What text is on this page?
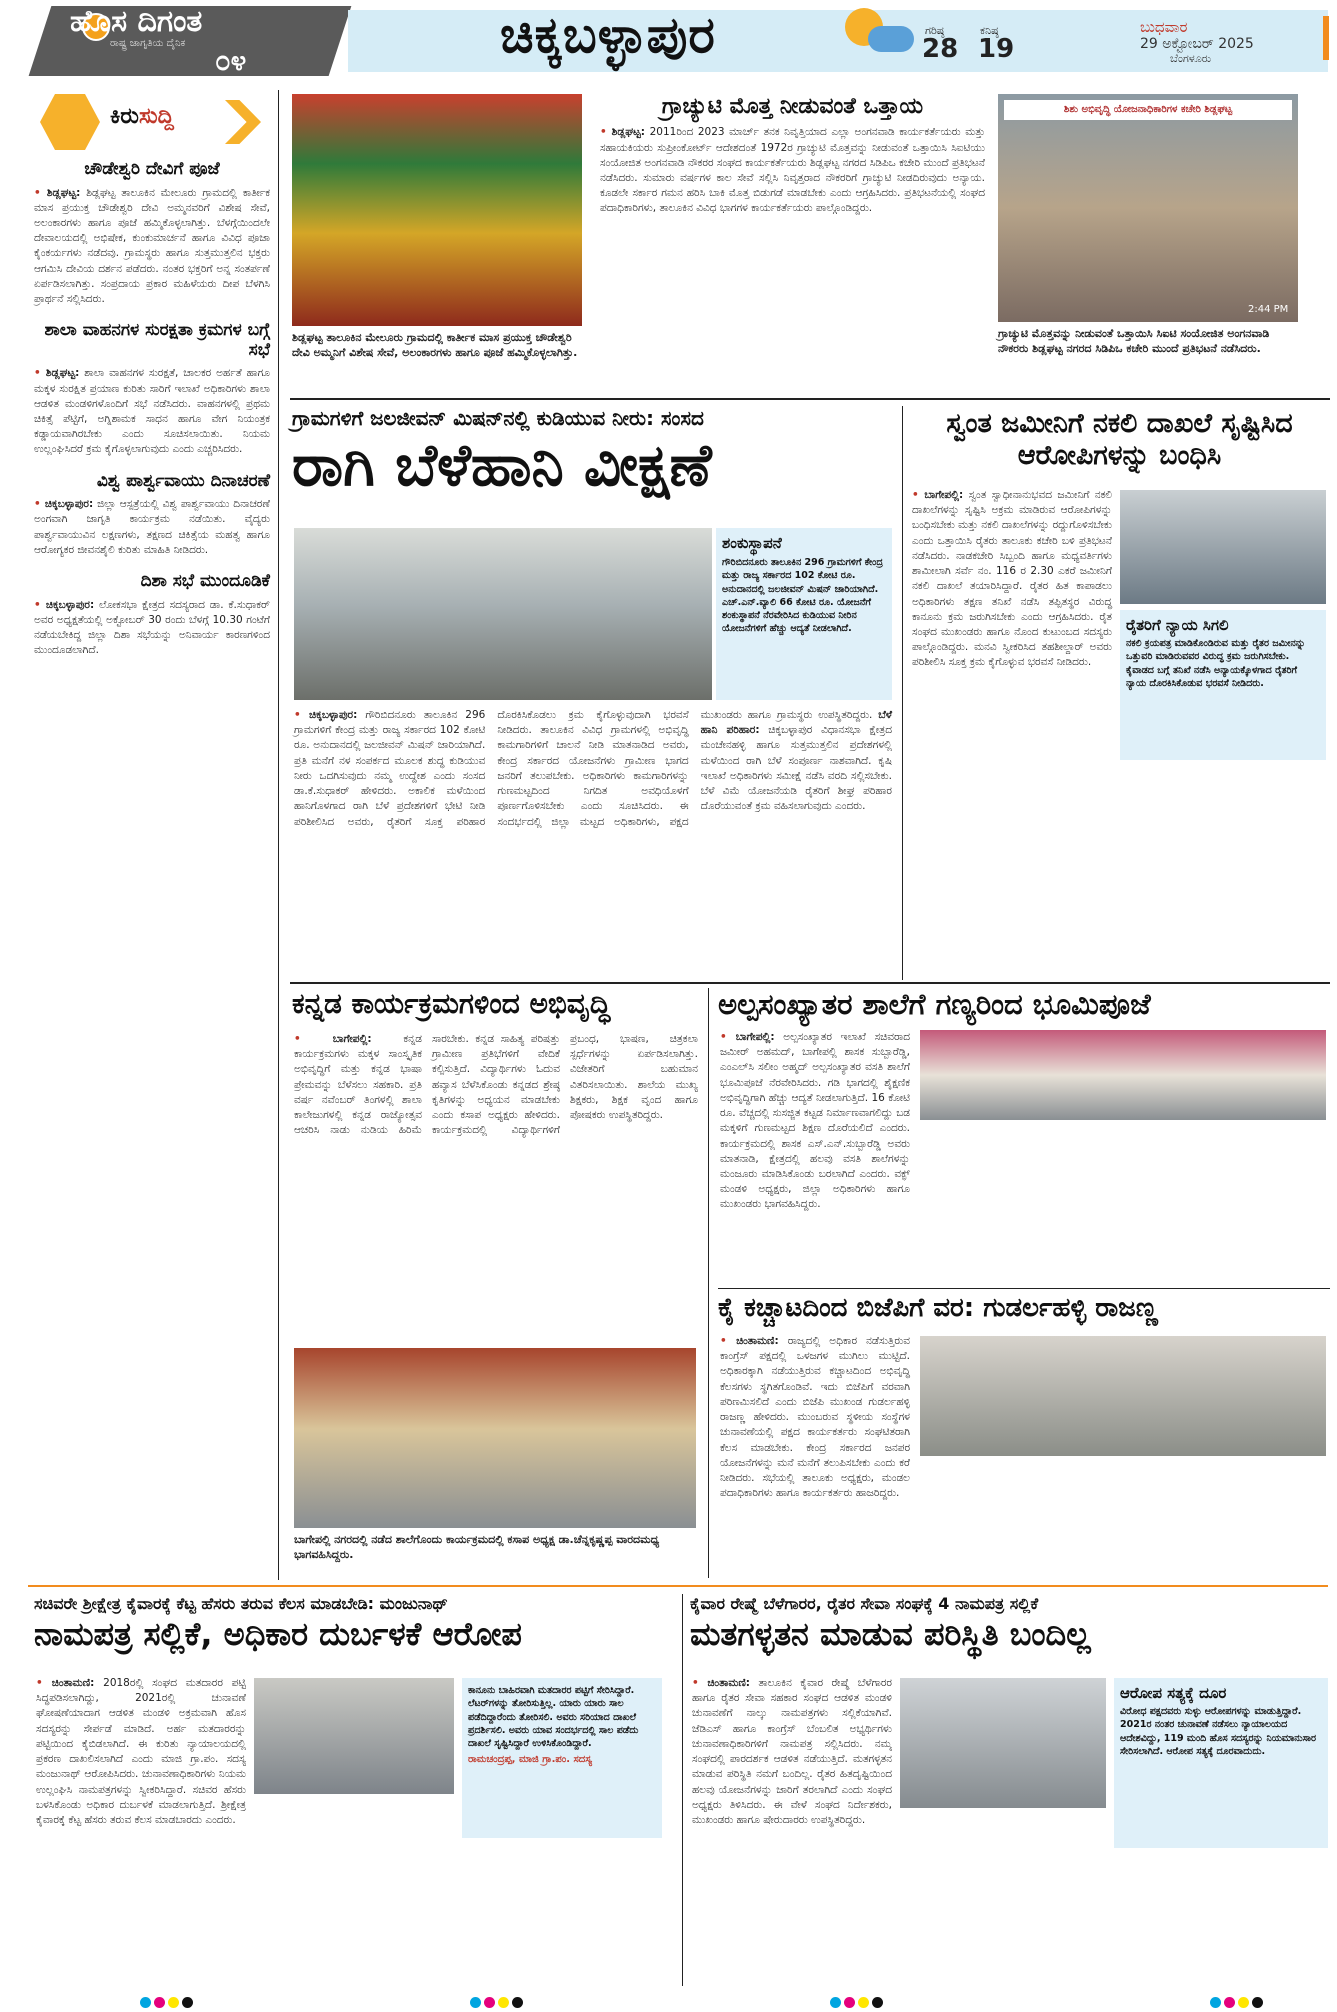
ಹೊಸ ದಿಗಂತ
ರಾಷ್ಟ್ರ ಜಾಗೃತಿಯ ದೈನಿಕ
೦೪	ಚಿಕ್ಕಬಳ್ಳಾಪುರ	ಗರಿಷ್ಠ
28
ಕನಿಷ್ಠ
19
ಬುಧವಾರ
29 ಅಕ್ಟೋಬರ್ 2025
ಬೆಂಗಳೂರು
ಕಿರುಸುದ್ದಿ
ಚೌಡೇಶ್ವರಿ ದೇವಿಗೆ ಪೂಜೆ
• ಶಿಡ್ಲಘಟ್ಟ: ಶಿಡ್ಲಘಟ್ಟ ತಾಲೂಕಿನ ಮೇಲೂರು ಗ್ರಾಮದಲ್ಲಿ ಕಾರ್ತೀಕ ಮಾಸ ಪ್ರಯುಕ್ತ ಚೌಡೇಶ್ವರಿ ದೇವಿ ಅಮ್ಮನವರಿಗೆ ವಿಶೇಷ ಸೇವೆ, ಅಲಂಕಾರಗಳು ಹಾಗೂ ಪೂಜೆ ಹಮ್ಮಿಕೊಳ್ಳಲಾಗಿತ್ತು. ಬೆಳಗ್ಗೆಯಿಂದಲೇ ದೇವಾಲಯದಲ್ಲಿ ಅಭಿಷೇಕ, ಕುಂಕುಮಾರ್ಚನೆ ಹಾಗೂ ವಿವಿಧ ಪೂಜಾ ಕೈಂಕರ್ಯಗಳು ನಡೆದವು. ಗ್ರಾಮಸ್ಥರು ಹಾಗೂ ಸುತ್ತಮುತ್ತಲಿನ ಭಕ್ತರು ಆಗಮಿಸಿ ದೇವಿಯ ದರ್ಶನ ಪಡೆದರು. ನಂತರ ಭಕ್ತರಿಗೆ ಅನ್ನ ಸಂತರ್ಪಣೆ ಏರ್ಪಡಿಸಲಾಗಿತ್ತು. ಸಂಪ್ರದಾಯ ಪ್ರಕಾರ ಮಹಿಳೆಯರು ದೀಪ ಬೆಳಗಿಸಿ ಪ್ರಾರ್ಥನೆ ಸಲ್ಲಿಸಿದರು.
ಶಾಲಾ ವಾಹನಗಳ ಸುರಕ್ಷತಾ ಕ್ರಮಗಳ ಬಗ್ಗೆ ಸಭೆ
• ಶಿಡ್ಲಘಟ್ಟ: ಶಾಲಾ ವಾಹನಗಳ ಸುರಕ್ಷತೆ, ಚಾಲಕರ ಅರ್ಹತೆ ಹಾಗೂ ಮಕ್ಕಳ ಸುರಕ್ಷಿತ ಪ್ರಯಾಣ ಕುರಿತು ಸಾರಿಗೆ ಇಲಾಖೆ ಅಧಿಕಾರಿಗಳು ಶಾಲಾ ಆಡಳಿತ ಮಂಡಳಿಗಳೊಂದಿಗೆ ಸಭೆ ನಡೆಸಿದರು. ವಾಹನಗಳಲ್ಲಿ ಪ್ರಥಮ ಚಿಕಿತ್ಸೆ ಪೆಟ್ಟಿಗೆ, ಅಗ್ನಿಶಾಮಕ ಸಾಧನ ಹಾಗೂ ವೇಗ ನಿಯಂತ್ರಕ ಕಡ್ಡಾಯವಾಗಿರಬೇಕು ಎಂದು ಸೂಚಿಸಲಾಯಿತು. ನಿಯಮ ಉಲ್ಲಂಘಿಸಿದರೆ ಕ್ರಮ ಕೈಗೊಳ್ಳಲಾಗುವುದು ಎಂದು ಎಚ್ಚರಿಸಿದರು.
ವಿಶ್ವ ಪಾರ್ಶ್ವವಾಯು ದಿನಾಚರಣೆ
• ಚಿಕ್ಕಬಳ್ಳಾಪುರ: ಜಿಲ್ಲಾ ಆಸ್ಪತ್ರೆಯಲ್ಲಿ ವಿಶ್ವ ಪಾರ್ಶ್ವವಾಯು ದಿನಾಚರಣೆ ಅಂಗವಾಗಿ ಜಾಗೃತಿ ಕಾರ್ಯಕ್ರಮ ನಡೆಯಿತು. ವೈದ್ಯರು ಪಾರ್ಶ್ವವಾಯುವಿನ ಲಕ್ಷಣಗಳು, ತಕ್ಷಣದ ಚಿಕಿತ್ಸೆಯ ಮಹತ್ವ ಹಾಗೂ ಆರೋಗ್ಯಕರ ಜೀವನಶೈಲಿ ಕುರಿತು ಮಾಹಿತಿ ನೀಡಿದರು.
ದಿಶಾ ಸಭೆ ಮುಂದೂಡಿಕೆ
• ಚಿಕ್ಕಬಳ್ಳಾಪುರ: ಲೋಕಸಭಾ ಕ್ಷೇತ್ರದ ಸದಸ್ಯರಾದ ಡಾ. ಕೆ.ಸುಧಾಕರ್ ಅವರ ಅಧ್ಯಕ್ಷತೆಯಲ್ಲಿ ಅಕ್ಟೋಬರ್ 30 ರಂದು ಬೆಳಗ್ಗೆ 10.30 ಗಂಟೆಗೆ ನಡೆಯಬೇಕಿದ್ದ ಜಿಲ್ಲಾ ದಿಶಾ ಸಭೆಯನ್ನು ಅನಿವಾರ್ಯ ಕಾರಣಗಳಿಂದ ಮುಂದೂಡಲಾಗಿದೆ.
ಶಿಡ್ಲಘಟ್ಟ ತಾಲೂಕಿನ ಮೇಲೂರು ಗ್ರಾಮದಲ್ಲಿ ಕಾರ್ತೀಕ ಮಾಸ ಪ್ರಯುಕ್ತ ಚೌಡೇಶ್ವರಿ ದೇವಿ ಅಮ್ಮನಿಗೆ ವಿಶೇಷ ಸೇವೆ, ಅಲಂಕಾರಗಳು ಹಾಗೂ ಪೂಜೆ ಹಮ್ಮಿಕೊಳ್ಳಲಾಗಿತ್ತು.
ಗ್ರಾಚ್ಯುಟಿ ಮೊತ್ತ ನೀಡುವಂತೆ ಒತ್ತಾಯ
• ಶಿಡ್ಲಘಟ್ಟ: 2011ರಿಂದ 2023 ಮಾರ್ಚ್ ತನಕ ನಿವೃತ್ತಿಯಾದ ಎಲ್ಲಾ ಅಂಗನವಾಡಿ ಕಾರ್ಯಕರ್ತೆಯರು ಮತ್ತು ಸಹಾಯಕಿಯರು ಸುಪ್ರೀಂಕೋರ್ಟ್ ಆದೇಶದಂತೆ 1972ರ ಗ್ರಾಚ್ಯುಟಿ ಮೊತ್ತವನ್ನು ನೀಡುವಂತೆ ಒತ್ತಾಯಿಸಿ ಸಿಐಟಿಯು ಸಂಯೋಜಿತ ಅಂಗನವಾಡಿ ನೌಕರರ ಸಂಘದ ಕಾರ್ಯಕರ್ತೆಯರು ಶಿಡ್ಲಘಟ್ಟ ನಗರದ ಸಿಡಿಪಿಒ ಕಚೇರಿ ಮುಂದೆ ಪ್ರತಿಭಟನೆ ನಡೆಸಿದರು. ಸುಮಾರು ವರ್ಷಗಳ ಕಾಲ ಸೇವೆ ಸಲ್ಲಿಸಿ ನಿವೃತ್ತರಾದ ನೌಕರರಿಗೆ ಗ್ರಾಚ್ಯುಟಿ ನೀಡದಿರುವುದು ಅನ್ಯಾಯ. ಕೂಡಲೇ ಸರ್ಕಾರ ಗಮನ ಹರಿಸಿ ಬಾಕಿ ಮೊತ್ತ ಬಿಡುಗಡೆ ಮಾಡಬೇಕು ಎಂದು ಆಗ್ರಹಿಸಿದರು. ಪ್ರತಿಭಟನೆಯಲ್ಲಿ ಸಂಘದ ಪದಾಧಿಕಾರಿಗಳು, ತಾಲೂಕಿನ ವಿವಿಧ ಭಾಗಗಳ ಕಾರ್ಯಕರ್ತೆಯರು ಪಾಲ್ಗೊಂಡಿದ್ದರು.
ಶಿಶು ಅಭಿವೃದ್ಧಿ ಯೋಜನಾಧಿಕಾರಿಗಳ ಕಚೇರಿ ಶಿಡ್ಲಘಟ್ಟ
2:44 PM
ಗ್ರಾಚ್ಯುಟಿ ಮೊತ್ತವನ್ನು ನೀಡುವಂತೆ ಒತ್ತಾಯಿಸಿ ಸಿಐಟಿ ಸಂಯೋಜಿತ ಅಂಗನವಾಡಿ ನೌಕರರು ಶಿಡ್ಲಘಟ್ಟ ನಗರದ ಸಿಡಿಪಿಒ ಕಚೇರಿ ಮುಂದೆ ಪ್ರತಿಭಟನೆ ನಡೆಸಿದರು.
ಗ್ರಾಮಗಳಿಗೆ ಜಲಜೀವನ್ ಮಿಷನ್‌ನಲ್ಲಿ ಕುಡಿಯುವ ನೀರು: ಸಂಸದ
ರಾಗಿ ಬೆಳೆಹಾನಿ ವೀಕ್ಷಣೆ
ಶಂಕುಸ್ಥಾಪನೆ
ಗೌರಿಬಿದನೂರು ತಾಲೂಕಿನ 296 ಗ್ರಾಮಗಳಿಗೆ ಕೇಂದ್ರ ಮತ್ತು ರಾಜ್ಯ ಸರ್ಕಾರದ 102 ಕೋಟಿ ರೂ. ಅನುದಾನದಲ್ಲಿ ಜಲಜೀವನ್ ಮಿಷನ್ ಜಾರಿಯಾಗಿದೆ. ಎಚ್.ಎನ್.ವ್ಯಾಲಿ 66 ಕೋಟಿ ರೂ. ಯೋಜನೆಗೆ ಶಂಕುಸ್ಥಾಪನೆ ನೆರವೇರಿಸಿದ ಕುಡಿಯುವ ನೀರಿನ ಯೋಜನೆಗಳಿಗೆ ಹೆಚ್ಚು ಆದ್ಯತೆ ನೀಡಲಾಗಿದೆ.
• ಚಿಕ್ಕಬಳ್ಳಾಪುರ: ಗೌರಿಬಿದನೂರು ತಾಲೂಕಿನ 296 ಗ್ರಾಮಗಳಿಗೆ ಕೇಂದ್ರ ಮತ್ತು ರಾಜ್ಯ ಸರ್ಕಾರದ 102 ಕೋಟಿ ರೂ. ಅನುದಾನದಲ್ಲಿ ಜಲಜೀವನ್ ಮಿಷನ್ ಜಾರಿಯಾಗಿದೆ. ಪ್ರತಿ ಮನೆಗೆ ನಳ ಸಂಪರ್ಕದ ಮೂಲಕ ಶುದ್ಧ ಕುಡಿಯುವ ನೀರು ಒದಗಿಸುವುದು ನಮ್ಮ ಉದ್ದೇಶ ಎಂದು ಸಂಸದ ಡಾ.ಕೆ.ಸುಧಾಕರ್ ಹೇಳಿದರು. ಅಕಾಲಿಕ ಮಳೆಯಿಂದ ಹಾನಿಗೊಳಗಾದ ರಾಗಿ ಬೆಳೆ ಪ್ರದೇಶಗಳಿಗೆ ಭೇಟಿ ನೀಡಿ ಪರಿಶೀಲಿಸಿದ ಅವರು, ರೈತರಿಗೆ ಸೂಕ್ತ ಪರಿಹಾರ ದೊರಕಿಸಿಕೊಡಲು ಕ್ರಮ ಕೈಗೊಳ್ಳುವುದಾಗಿ ಭರವಸೆ ನೀಡಿದರು. ತಾಲೂಕಿನ ವಿವಿಧ ಗ್ರಾಮಗಳಲ್ಲಿ ಅಭಿವೃದ್ಧಿ ಕಾಮಗಾರಿಗಳಿಗೆ ಚಾಲನೆ ನೀಡಿ ಮಾತನಾಡಿದ ಅವರು, ಕೇಂದ್ರ ಸರ್ಕಾರದ ಯೋಜನೆಗಳು ಗ್ರಾಮೀಣ ಭಾಗದ ಜನರಿಗೆ ತಲುಪಬೇಕು. ಅಧಿಕಾರಿಗಳು ಕಾಮಗಾರಿಗಳನ್ನು ಗುಣಮಟ್ಟದಿಂದ ನಿಗದಿತ ಅವಧಿಯೊಳಗೆ ಪೂರ್ಣಗೊಳಿಸಬೇಕು ಎಂದು ಸೂಚಿಸಿದರು. ಈ ಸಂದರ್ಭದಲ್ಲಿ ಜಿಲ್ಲಾ ಮಟ್ಟದ ಅಧಿಕಾರಿಗಳು, ಪಕ್ಷದ ಮುಖಂಡರು ಹಾಗೂ ಗ್ರಾಮಸ್ಥರು ಉಪಸ್ಥಿತರಿದ್ದರು. ಬೆಳೆ ಹಾನಿ ಪರಿಹಾರ: ಚಿಕ್ಕಬಳ್ಳಾಪುರ ವಿಧಾನಸಭಾ ಕ್ಷೇತ್ರದ ಮಂಚೇನಹಳ್ಳಿ ಹಾಗೂ ಸುತ್ತಮುತ್ತಲಿನ ಪ್ರದೇಶಗಳಲ್ಲಿ ಮಳೆಯಿಂದ ರಾಗಿ ಬೆಳೆ ಸಂಪೂರ್ಣ ನಾಶವಾಗಿದೆ. ಕೃಷಿ ಇಲಾಖೆ ಅಧಿಕಾರಿಗಳು ಸಮೀಕ್ಷೆ ನಡೆಸಿ ವರದಿ ಸಲ್ಲಿಸಬೇಕು. ಬೆಳೆ ವಿಮೆ ಯೋಜನೆಯಡಿ ರೈತರಿಗೆ ಶೀಘ್ರ ಪರಿಹಾರ ದೊರೆಯುವಂತೆ ಕ್ರಮ ವಹಿಸಲಾಗುವುದು ಎಂದರು.
ಸ್ವಂತ ಜಮೀನಿಗೆ ನಕಲಿ ದಾಖಲೆ ಸೃಷ್ಟಿಸಿದ ಆರೋಪಿಗಳನ್ನು ಬಂಧಿಸಿ
• ಬಾಗೇಪಲ್ಲಿ: ಸ್ವಂತ ಸ್ವಾಧೀನಾನುಭವದ ಜಮೀನಿಗೆ ನಕಲಿ ದಾಖಲೆಗಳನ್ನು ಸೃಷ್ಟಿಸಿ ಅಕ್ರಮ ಮಾಡಿರುವ ಆರೋಪಿಗಳನ್ನು ಬಂಧಿಸಬೇಕು ಮತ್ತು ನಕಲಿ ದಾಖಲೆಗಳನ್ನು ರದ್ದುಗೊಳಿಸಬೇಕು ಎಂದು ಒತ್ತಾಯಿಸಿ ರೈತರು ತಾಲೂಕು ಕಚೇರಿ ಬಳಿ ಪ್ರತಿಭಟನೆ ನಡೆಸಿದರು. ನಾಡಕಚೇರಿ ಸಿಬ್ಬಂದಿ ಹಾಗೂ ಮಧ್ಯವರ್ತಿಗಳು ಶಾಮೀಲಾಗಿ ಸರ್ವೆ ನಂ. 116 ರ 2.30 ಎಕರೆ ಜಮೀನಿಗೆ ನಕಲಿ ದಾಖಲೆ ತಯಾರಿಸಿದ್ದಾರೆ. ರೈತರ ಹಿತ ಕಾಪಾಡಲು ಅಧಿಕಾರಿಗಳು ತಕ್ಷಣ ತನಿಖೆ ನಡೆಸಿ ತಪ್ಪಿತಸ್ಥರ ವಿರುದ್ಧ ಕಾನೂನು ಕ್ರಮ ಜರುಗಿಸಬೇಕು ಎಂದು ಆಗ್ರಹಿಸಿದರು. ರೈತ ಸಂಘದ ಮುಖಂಡರು ಹಾಗೂ ನೊಂದ ಕುಟುಂಬದ ಸದಸ್ಯರು ಪಾಲ್ಗೊಂಡಿದ್ದರು. ಮನವಿ ಸ್ವೀಕರಿಸಿದ ತಹಶೀಲ್ದಾರ್ ಅವರು ಪರಿಶೀಲಿಸಿ ಸೂಕ್ತ ಕ್ರಮ ಕೈಗೊಳ್ಳುವ ಭರವಸೆ ನೀಡಿದರು.
ರೈತರಿಗೆ ನ್ಯಾಯ ಸಿಗಲಿ
ನಕಲಿ ಕ್ರಯಪತ್ರ ಮಾಡಿಕೊಂಡಿರುವ ಮತ್ತು ರೈತರ ಜಮೀನನ್ನು ಒತ್ತುವರಿ ಮಾಡಿರುವವರ ವಿರುದ್ಧ ಕ್ರಮ ಜರುಗಿಸಬೇಕು. ಕೈವಾಡದ ಬಗ್ಗೆ ತನಿಖೆ ನಡೆಸಿ ಅನ್ಯಾಯಕ್ಕೊಳಗಾದ ರೈತರಿಗೆ ನ್ಯಾಯ ದೊರಕಿಸಿಕೊಡುವ ಭರವಸೆ ನೀಡಿದರು.
ಕನ್ನಡ ಕಾರ್ಯಕ್ರಮಗಳಿಂದ ಅಭಿವೃದ್ಧಿ
• ಬಾಗೇಪಲ್ಲಿ:	ಕನ್ನಡ ಕಾರ್ಯಕ್ರಮಗಳು ಮಕ್ಕಳ ಸಾಂಸ್ಕೃತಿಕ ಅಭಿವೃದ್ಧಿಗೆ ಮತ್ತು ಕನ್ನಡ ಭಾಷಾ ಪ್ರೇಮವನ್ನು ಬೆಳೆಸಲು ಸಹಕಾರಿ. ಪ್ರತಿ ವರ್ಷ ನವೆಂಬರ್ ತಿಂಗಳಲ್ಲಿ ಶಾಲಾ ಕಾಲೇಜುಗಳಲ್ಲಿ ಕನ್ನಡ ರಾಜ್ಯೋತ್ಸವ ಆಚರಿಸಿ ನಾಡು ನುಡಿಯ ಹಿರಿಮೆ ಸಾರಬೇಕು. ಕನ್ನಡ ಸಾಹಿತ್ಯ ಪರಿಷತ್ತು ಗ್ರಾಮೀಣ ಪ್ರತಿಭೆಗಳಿಗೆ ವೇದಿಕೆ ಕಲ್ಪಿಸುತ್ತಿದೆ. ವಿದ್ಯಾರ್ಥಿಗಳು ಓದುವ ಹವ್ಯಾಸ ಬೆಳೆಸಿಕೊಂಡು ಕನ್ನಡದ ಶ್ರೇಷ್ಠ ಕೃತಿಗಳನ್ನು ಅಧ್ಯಯನ ಮಾಡಬೇಕು ಎಂದು ಕಸಾಪ ಅಧ್ಯಕ್ಷರು ಹೇಳಿದರು. ಕಾರ್ಯಕ್ರಮದಲ್ಲಿ ವಿದ್ಯಾರ್ಥಿಗಳಿಗೆ ಪ್ರಬಂಧ, ಭಾಷಣ, ಚಿತ್ರಕಲಾ ಸ್ಪರ್ಧೆಗಳನ್ನು ಏರ್ಪಡಿಸಲಾಗಿತ್ತು. ವಿಜೇತರಿಗೆ ಬಹುಮಾನ ವಿತರಿಸಲಾಯಿತು. ಶಾಲೆಯ ಮುಖ್ಯ ಶಿಕ್ಷಕರು, ಶಿಕ್ಷಕ ವೃಂದ ಹಾಗೂ ಪೋಷಕರು ಉಪಸ್ಥಿತರಿದ್ದರು.
ಬಾಗೇಪಲ್ಲಿ ನಗರದಲ್ಲಿ ನಡೆದ ಶಾಲೆಗೊಂದು ಕಾರ್ಯಕ್ರಮದಲ್ಲಿ ಕಸಾಪ ಅಧ್ಯಕ್ಷ ಡಾ.ಚೆನ್ನಕೃಷ್ಣಪ್ಪ ವಾರದಮಧ್ಯ ಭಾಗವಹಿಸಿದ್ದರು.
ಅಲ್ಪಸಂಖ್ಯಾತರ ಶಾಲೆಗೆ ಗಣ್ಯರಿಂದ ಭೂಮಿಪೂಜೆ
• ಬಾಗೇಪಲ್ಲಿ: ಅಲ್ಪಸಂಖ್ಯಾತರ ಇಲಾಖೆ ಸಚಿವರಾದ ಜಮೀರ್ ಅಹಮದ್, ಬಾಗೇಪಲ್ಲಿ ಶಾಸಕ ಸುಬ್ಬಾರೆಡ್ಡಿ, ಎಂಎಲ್‌ಸಿ ಸಲೀಂ ಅಹ್ಮದ್ ಅಲ್ಪಸಂಖ್ಯಾತರ ವಸತಿ ಶಾಲೆಗೆ ಭೂಮಿಪೂಜೆ ನೆರವೇರಿಸಿದರು. ಗಡಿ ಭಾಗದಲ್ಲಿ ಶೈಕ್ಷಣಿಕ ಅಭಿವೃದ್ಧಿಗಾಗಿ ಹೆಚ್ಚು ಆದ್ಯತೆ ನೀಡಲಾಗುತ್ತಿದೆ. 16 ಕೋಟಿ ರೂ. ವೆಚ್ಚದಲ್ಲಿ ಸುಸಜ್ಜಿತ ಕಟ್ಟಡ ನಿರ್ಮಾಣವಾಗಲಿದ್ದು ಬಡ ಮಕ್ಕಳಿಗೆ ಗುಣಮಟ್ಟದ ಶಿಕ್ಷಣ ದೊರೆಯಲಿದೆ ಎಂದರು. ಕಾರ್ಯಕ್ರಮದಲ್ಲಿ ಶಾಸಕ ಎಸ್.ಎನ್.ಸುಬ್ಬಾರೆಡ್ಡಿ ಅವರು ಮಾತನಾಡಿ, ಕ್ಷೇತ್ರದಲ್ಲಿ ಹಲವು ವಸತಿ ಶಾಲೆಗಳನ್ನು ಮಂಜೂರು ಮಾಡಿಸಿಕೊಂಡು ಬರಲಾಗಿದೆ ಎಂದರು. ವಕ್ಫ್ ಮಂಡಳಿ ಅಧ್ಯಕ್ಷರು, ಜಿಲ್ಲಾ ಅಧಿಕಾರಿಗಳು ಹಾಗೂ ಮುಖಂಡರು ಭಾಗವಹಿಸಿದ್ದರು.
ಕೈ ಕಚ್ಚಾಟದಿಂದ ಬಿಜೆಪಿಗೆ ವರ: ಗುಡರ್ಲಹಳ್ಳಿ ರಾಜಣ್ಣ
• ಚಿಂತಾಮಣಿ: ರಾಜ್ಯದಲ್ಲಿ ಅಧಿಕಾರ ನಡೆಸುತ್ತಿರುವ ಕಾಂಗ್ರೆಸ್ ಪಕ್ಷದಲ್ಲಿ ಒಳಜಗಳ ಮುಗಿಲು ಮುಟ್ಟಿದೆ. ಅಧಿಕಾರಕ್ಕಾಗಿ ನಡೆಯುತ್ತಿರುವ ಕಚ್ಚಾಟದಿಂದ ಅಭಿವೃದ್ಧಿ ಕೆಲಸಗಳು ಸ್ಥಗಿತಗೊಂಡಿವೆ. ಇದು ಬಿಜೆಪಿಗೆ ವರವಾಗಿ ಪರಿಣಮಿಸಲಿದೆ ಎಂದು ಬಿಜೆಪಿ ಮುಖಂಡ ಗುಡರ್ಲಹಳ್ಳಿ ರಾಜಣ್ಣ ಹೇಳಿದರು. ಮುಂಬರುವ ಸ್ಥಳೀಯ ಸಂಸ್ಥೆಗಳ ಚುನಾವಣೆಯಲ್ಲಿ ಪಕ್ಷದ ಕಾರ್ಯಕರ್ತರು ಸಂಘಟಿತರಾಗಿ ಕೆಲಸ ಮಾಡಬೇಕು. ಕೇಂದ್ರ ಸರ್ಕಾರದ ಜನಪರ ಯೋಜನೆಗಳನ್ನು ಮನೆ ಮನೆಗೆ ತಲುಪಿಸಬೇಕು ಎಂದು ಕರೆ ನೀಡಿದರು. ಸಭೆಯಲ್ಲಿ ತಾಲೂಕು ಅಧ್ಯಕ್ಷರು, ಮಂಡಲ ಪದಾಧಿಕಾರಿಗಳು ಹಾಗೂ ಕಾರ್ಯಕರ್ತರು ಹಾಜರಿದ್ದರು.
ಸಚಿವರೇ ಶ್ರೀಕ್ಷೇತ್ರ ಕೈವಾರಕ್ಕೆ ಕೆಟ್ಟ ಹೆಸರು ತರುವ ಕೆಲಸ ಮಾಡಬೇಡಿ: ಮಂಜುನಾಥ್
ನಾಮಪತ್ರ ಸಲ್ಲಿಕೆ, ಅಧಿಕಾರ ದುರ್ಬಳಕೆ ಆರೋಪ
• ಚಿಂತಾಮಣಿ: 2018ರಲ್ಲಿ ಸಂಘದ ಮತದಾರರ ಪಟ್ಟಿ ಸಿದ್ಧಪಡಿಸಲಾಗಿದ್ದು, 2021ರಲ್ಲಿ ಚುನಾವಣೆ ಘೋಷಣೆಯಾದಾಗ ಆಡಳಿತ ಮಂಡಳಿ ಅಕ್ರಮವಾಗಿ ಹೊಸ ಸದಸ್ಯರನ್ನು ಸೇರ್ಪಡೆ ಮಾಡಿದೆ. ಅರ್ಹ ಮತದಾರರನ್ನು ಪಟ್ಟಿಯಿಂದ ಕೈಬಿಡಲಾಗಿದೆ. ಈ ಕುರಿತು ನ್ಯಾಯಾಲಯದಲ್ಲಿ ಪ್ರಕರಣ ದಾಖಲಿಸಲಾಗಿದೆ ಎಂದು ಮಾಜಿ ಗ್ರಾ.ಪಂ. ಸದಸ್ಯ ಮಂಜುನಾಥ್ ಆರೋಪಿಸಿದರು. ಚುನಾವಣಾಧಿಕಾರಿಗಳು ನಿಯಮ ಉಲ್ಲಂಘಿಸಿ ನಾಮಪತ್ರಗಳನ್ನು ಸ್ವೀಕರಿಸಿದ್ದಾರೆ. ಸಚಿವರ ಹೆಸರು ಬಳಸಿಕೊಂಡು ಅಧಿಕಾರ ದುರ್ಬಳಕೆ ಮಾಡಲಾಗುತ್ತಿದೆ. ಶ್ರೀಕ್ಷೇತ್ರ ಕೈವಾರಕ್ಕೆ ಕೆಟ್ಟ ಹೆಸರು ತರುವ ಕೆಲಸ ಮಾಡಬಾರದು ಎಂದರು.
ಕಾನೂನು ಬಾಹಿರವಾಗಿ ಮತದಾರರ ಪಟ್ಟಿಗೆ ಸೇರಿಸಿದ್ದಾರೆ. ಲೆಟರ್‌ಗಳನ್ನು ತೋರಿಸುತ್ತಿಲ್ಲ. ಯಾರು ಯಾರು ಸಾಲ ಪಡೆದಿದ್ದಾರೆಂದು ತೋರಿಸಲಿ. ಅವರು ಸರಿಯಾದ ದಾಖಲೆ ಪ್ರದರ್ಶಿಸಲಿ. ಅವರು ಯಾವ ಸಂದರ್ಭದಲ್ಲಿ ಸಾಲ ಪಡೆದು ದಾಖಲೆ ಸೃಷ್ಟಿಸಿದ್ದಾರೆ ಉಳಿಸಿಕೊಂಡಿದ್ದಾರೆ.
ರಾಮಚಂದ್ರಪ್ಪ, ಮಾಜಿ ಗ್ರಾ.ಪಂ. ಸದಸ್ಯ
ಕೈವಾರ ರೇಷ್ಮೆ ಬೆಳೆಗಾರರ, ರೈತರ ಸೇವಾ ಸಂಘಕ್ಕೆ 4 ನಾಮಪತ್ರ ಸಲ್ಲಿಕೆ
ಮತಗಳ್ಳತನ ಮಾಡುವ ಪರಿಸ್ಥಿತಿ ಬಂದಿಲ್ಲ
• ಚಿಂತಾಮಣಿ: ತಾಲೂಕಿನ ಕೈವಾರ ರೇಷ್ಮೆ ಬೆಳೆಗಾರರ ಹಾಗೂ ರೈತರ ಸೇವಾ ಸಹಕಾರ ಸಂಘದ ಆಡಳಿತ ಮಂಡಳಿ ಚುನಾವಣೆಗೆ ನಾಲ್ಕು ನಾಮಪತ್ರಗಳು ಸಲ್ಲಿಕೆಯಾಗಿವೆ. ಜೆಡಿಎಸ್ ಹಾಗೂ ಕಾಂಗ್ರೆಸ್ ಬೆಂಬಲಿತ ಅಭ್ಯರ್ಥಿಗಳು ಚುನಾವಣಾಧಿಕಾರಿಗಳಿಗೆ ನಾಮಪತ್ರ ಸಲ್ಲಿಸಿದರು. ನಮ್ಮ ಸಂಘದಲ್ಲಿ ಪಾರದರ್ಶಕ ಆಡಳಿತ ನಡೆಯುತ್ತಿದೆ. ಮತಗಳ್ಳತನ ಮಾಡುವ ಪರಿಸ್ಥಿತಿ ನಮಗೆ ಬಂದಿಲ್ಲ. ರೈತರ ಹಿತದೃಷ್ಟಿಯಿಂದ ಹಲವು ಯೋಜನೆಗಳನ್ನು ಜಾರಿಗೆ ತರಲಾಗಿದೆ ಎಂದು ಸಂಘದ ಅಧ್ಯಕ್ಷರು ತಿಳಿಸಿದರು. ಈ ವೇಳೆ ಸಂಘದ ನಿರ್ದೇಶಕರು, ಮುಖಂಡರು ಹಾಗೂ ಷೇರುದಾರರು ಉಪಸ್ಥಿತರಿದ್ದರು.
ಆರೋಪ ಸತ್ಯಕ್ಕೆ ದೂರ
ವಿರೋಧ ಪಕ್ಷದವರು ಸುಳ್ಳು ಆರೋಪಗಳನ್ನು ಮಾಡುತ್ತಿದ್ದಾರೆ. 2021ರ ನಂತರ ಚುನಾವಣೆ ನಡೆಸಲು ನ್ಯಾಯಾಲಯದ ಆದೇಶವಿದ್ದು, 119 ಮಂದಿ ಹೊಸ ಸದಸ್ಯರನ್ನು ನಿಯಮಾನುಸಾರ ಸೇರಿಸಲಾಗಿದೆ. ಆರೋಪ ಸತ್ಯಕ್ಕೆ ದೂರವಾದುದು.
